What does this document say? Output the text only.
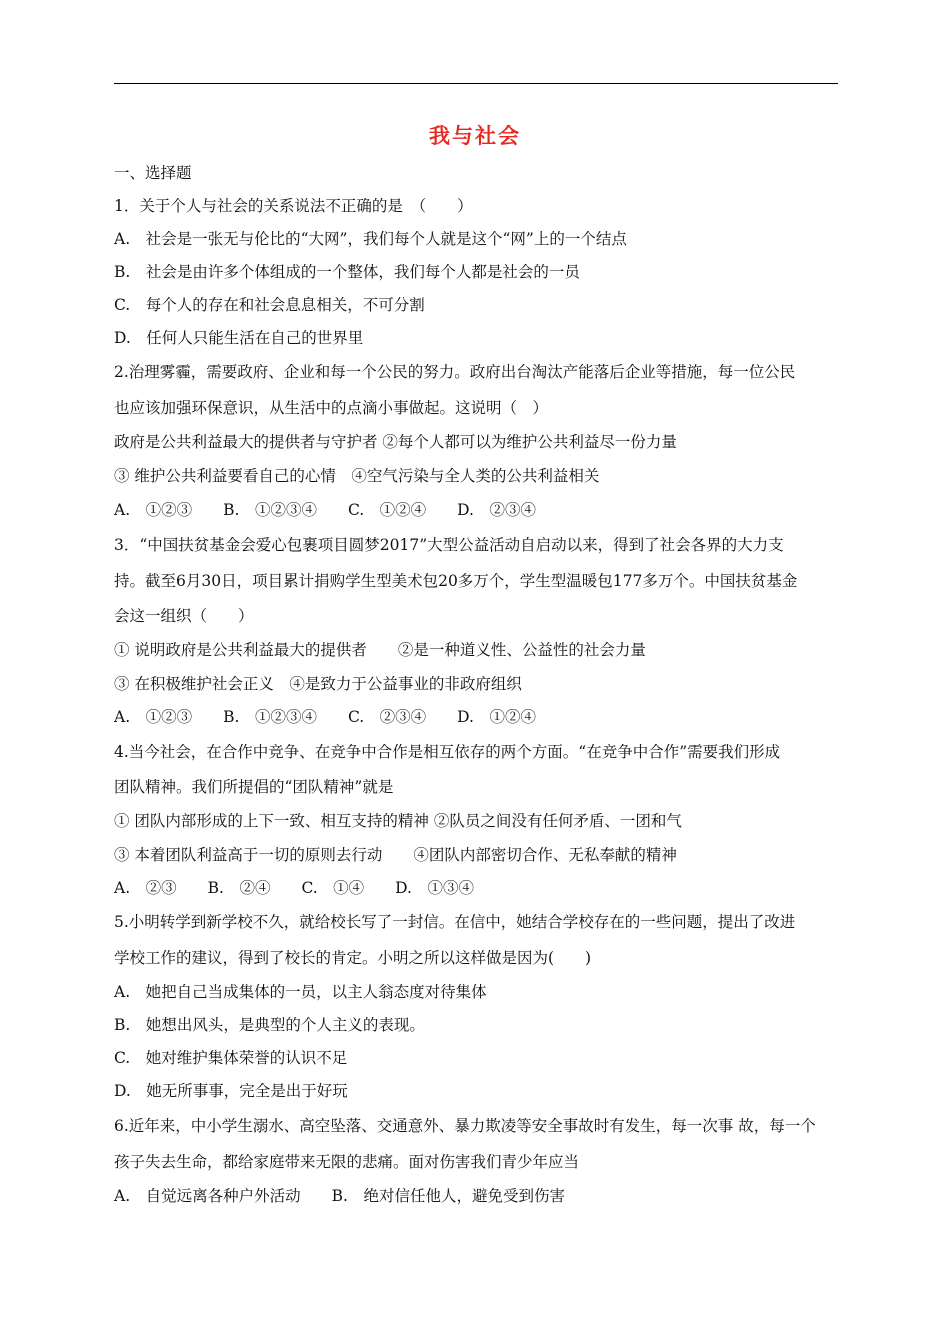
我与社会
一、选择题
1．关于个人与社会的关系说法不正确的是　（　　）
A.　社会是一张无与伦比的“大网”，我们每个人就是这个“网”上的一个结点
B.　社会是由许多个体组成的一个整体，我们每个人都是社会的一员
C.　每个人的存在和社会息息相关，不可分割
D.　任何人只能生活在自己的世界里
2.治理雾霾，需要政府、企业和每一个公民的努力。政府出台淘汰产能落后企业等措施，每一位公民
也应该加强环保意识，从生活中的点滴小事做起。这说明（　）
政府是公共利益最大的提供者与守护者 ②每个人都可以为维护公共利益尽一份力量
③ 维护公共利益要看自己的心情　④空气污染与全人类的公共利益相关
A.　①②③　　B.　①②③④　　C.　①②④　　D.　②③④
3．“中国扶贫基金会爱心包裹项目圆梦2017”大型公益活动自启动以来，得到了社会各界的大力支
持。截至6月30日，项目累计捐购学生型美术包20多万个，学生型温暖包177多万个。中国扶贫基金
会这一组织（　　）
① 说明政府是公共利益最大的提供者　　②是一种道义性、公益性的社会力量
③ 在积极维护社会正义　④是致力于公益事业的非政府组织
A.　①②③　　B.　①②③④　　C.　②③④　　D.　①②④
4.当今社会，在合作中竞争、在竞争中合作是相互依存的两个方面。“在竞争中合作”需要我们形成
团队精神。我们所提倡的“团队精神”就是
① 团队内部形成的上下一致、相互支持的精神 ②队员之间没有任何矛盾、一团和气
③ 本着团队利益高于一切的原则去行动　　④团队内部密切合作、无私奉献的精神
A.　②③　　B.　②④　　C.　①④　　D.　①③④
5.小明转学到新学校不久，就给校长写了一封信。在信中，她结合学校存在的一些问题，提出了改进
学校工作的建议，得到了校长的肯定。小明之所以这样做是因为(　　)
A.　她把自己当成集体的一员，以主人翁态度对待集体
B.　她想出风头，是典型的个人主义的表现。
C.　她对维护集体荣誉的认识不足
D.　她无所事事，完全是出于好玩
6.近年来，中小学生溺水、高空坠落、交通意外、暴力欺凌等安全事故时有发生，每一次事 故，每一个
孩子失去生命，都给家庭带来无限的悲痛。面对伤害我们青少年应当
A.　自觉远离各种户外活动　　B.　绝对信任他人，避免受到伤害
